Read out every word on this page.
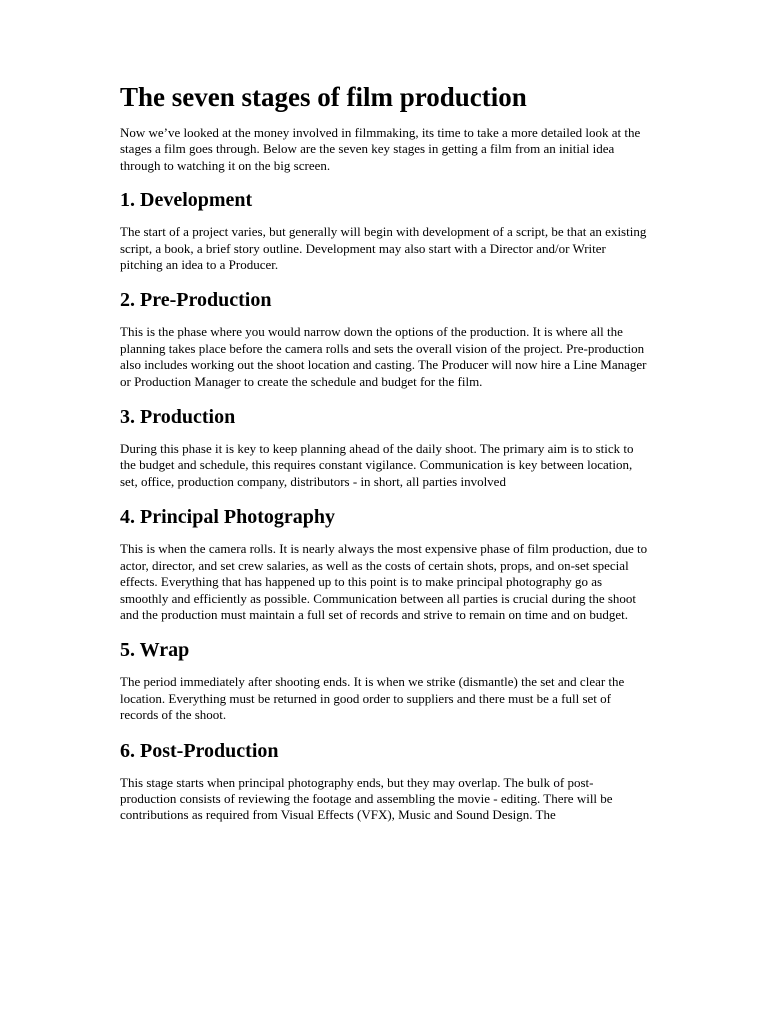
The seven stages of film production

Now we’ve looked at the money involved in filmmaking, its time to take a more detailed look at the stages a film goes through. Below are the seven key stages in getting a film from an initial idea through to watching it on the big screen.

1. Development

The start of a project varies, but generally will begin with development of a script, be that an existing script, a book, a brief story outline. Development may also start with a Director and/or Writer pitching an idea to a Producer.

2. Pre-Production

This is the phase where you would narrow down the options of the production. It is where all the planning takes place before the camera rolls and sets the overall vision of the project. Pre-production also includes working out the shoot location and casting. The Producer will now hire a Line Manager or Production Manager to create the schedule and budget for the film.

3. Production

During this phase it is key to keep planning ahead of the daily shoot. The primary aim is to stick to the budget and schedule, this requires constant vigilance. Communication is key between location, set, office, production company, distributors - in short, all parties involved

4. Principal Photography

This is when the camera rolls. It is nearly always the most expensive phase of film production, due to actor, director, and set crew salaries, as well as the costs of certain shots, props, and on-set special effects. Everything that has happened up to this point is to make principal photography go as smoothly and efficiently as possible. Communication between all parties is crucial during the shoot and the production must maintain a full set of records and strive to remain on time and on budget.

5. Wrap

The period immediately after shooting ends. It is when we strike (dismantle) the set and clear the location. Everything must be returned in good order to suppliers and there must be a full set of records of the shoot.

6. Post-Production

This stage starts when principal photography ends, but they may overlap. The bulk of post-production consists of reviewing the footage and assembling the movie - editing. There will be contributions as required from Visual Effects (VFX), Music and Sound Design. The
